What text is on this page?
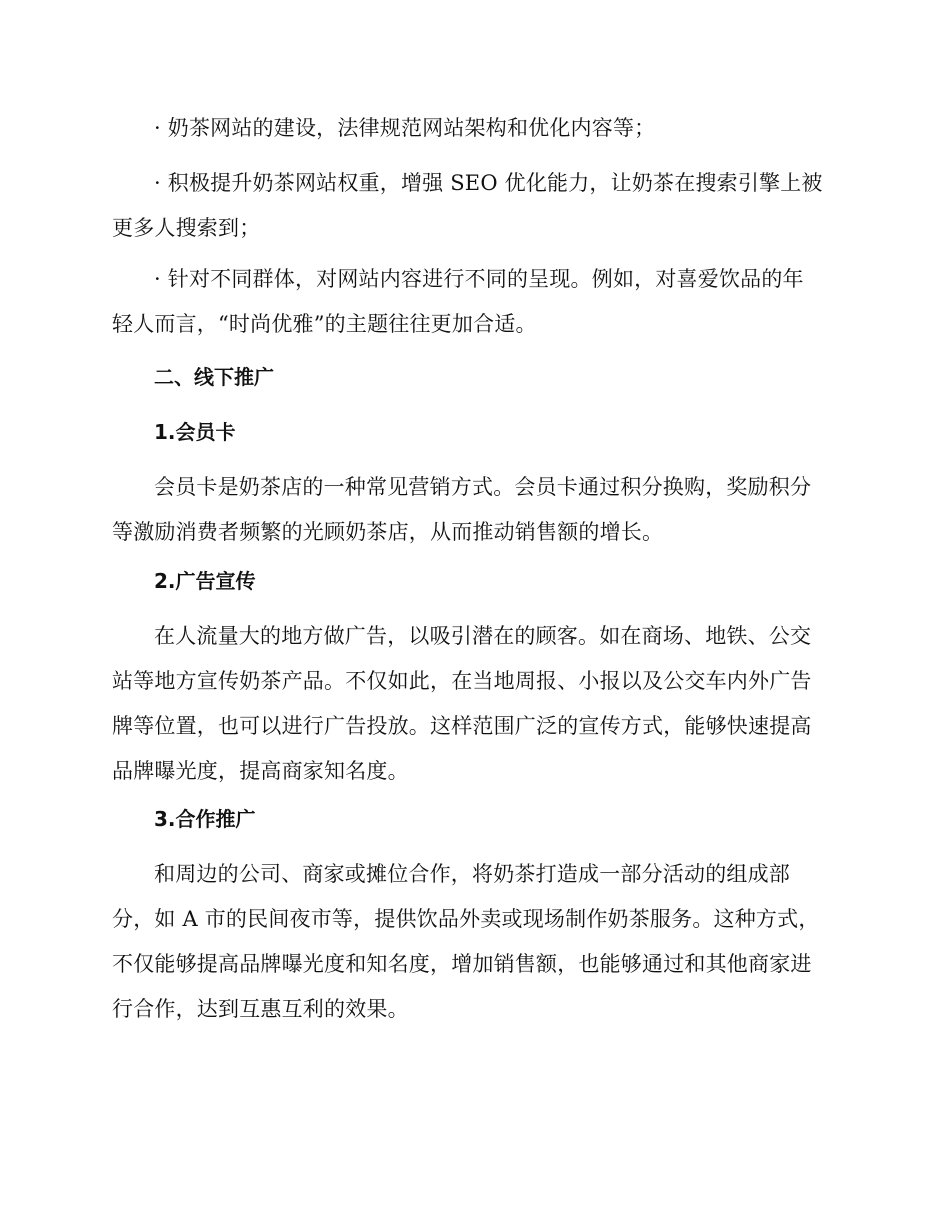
· 奶茶网站的建设，法律规范网站架构和优化内容等；
· 积极提升奶茶网站权重，增强 SEO 优化能力，让奶茶在搜索引擎上被
更多人搜索到；
· 针对不同群体，对网站内容进行不同的呈现。例如，对喜爱饮品的年
轻人而言，“时尚优雅”的主题往往更加合适。
二、线下推广
1.会员卡
会员卡是奶茶店的一种常见营销方式。会员卡通过积分换购，奖励积分
等激励消费者频繁的光顾奶茶店，从而推动销售额的增长。
2.广告宣传
在人流量大的地方做广告，以吸引潜在的顾客。如在商场、地铁、公交
站等地方宣传奶茶产品。不仅如此，在当地周报、小报以及公交车内外广告
牌等位置，也可以进行广告投放。这样范围广泛的宣传方式，能够快速提高
品牌曝光度，提高商家知名度。
3.合作推广
和周边的公司、商家或摊位合作，将奶茶打造成一部分活动的组成部
分，如 A 市的民间夜市等，提供饮品外卖或现场制作奶茶服务。这种方式，
不仅能够提高品牌曝光度和知名度，增加销售额，也能够通过和其他商家进
行合作，达到互惠互利的效果。
